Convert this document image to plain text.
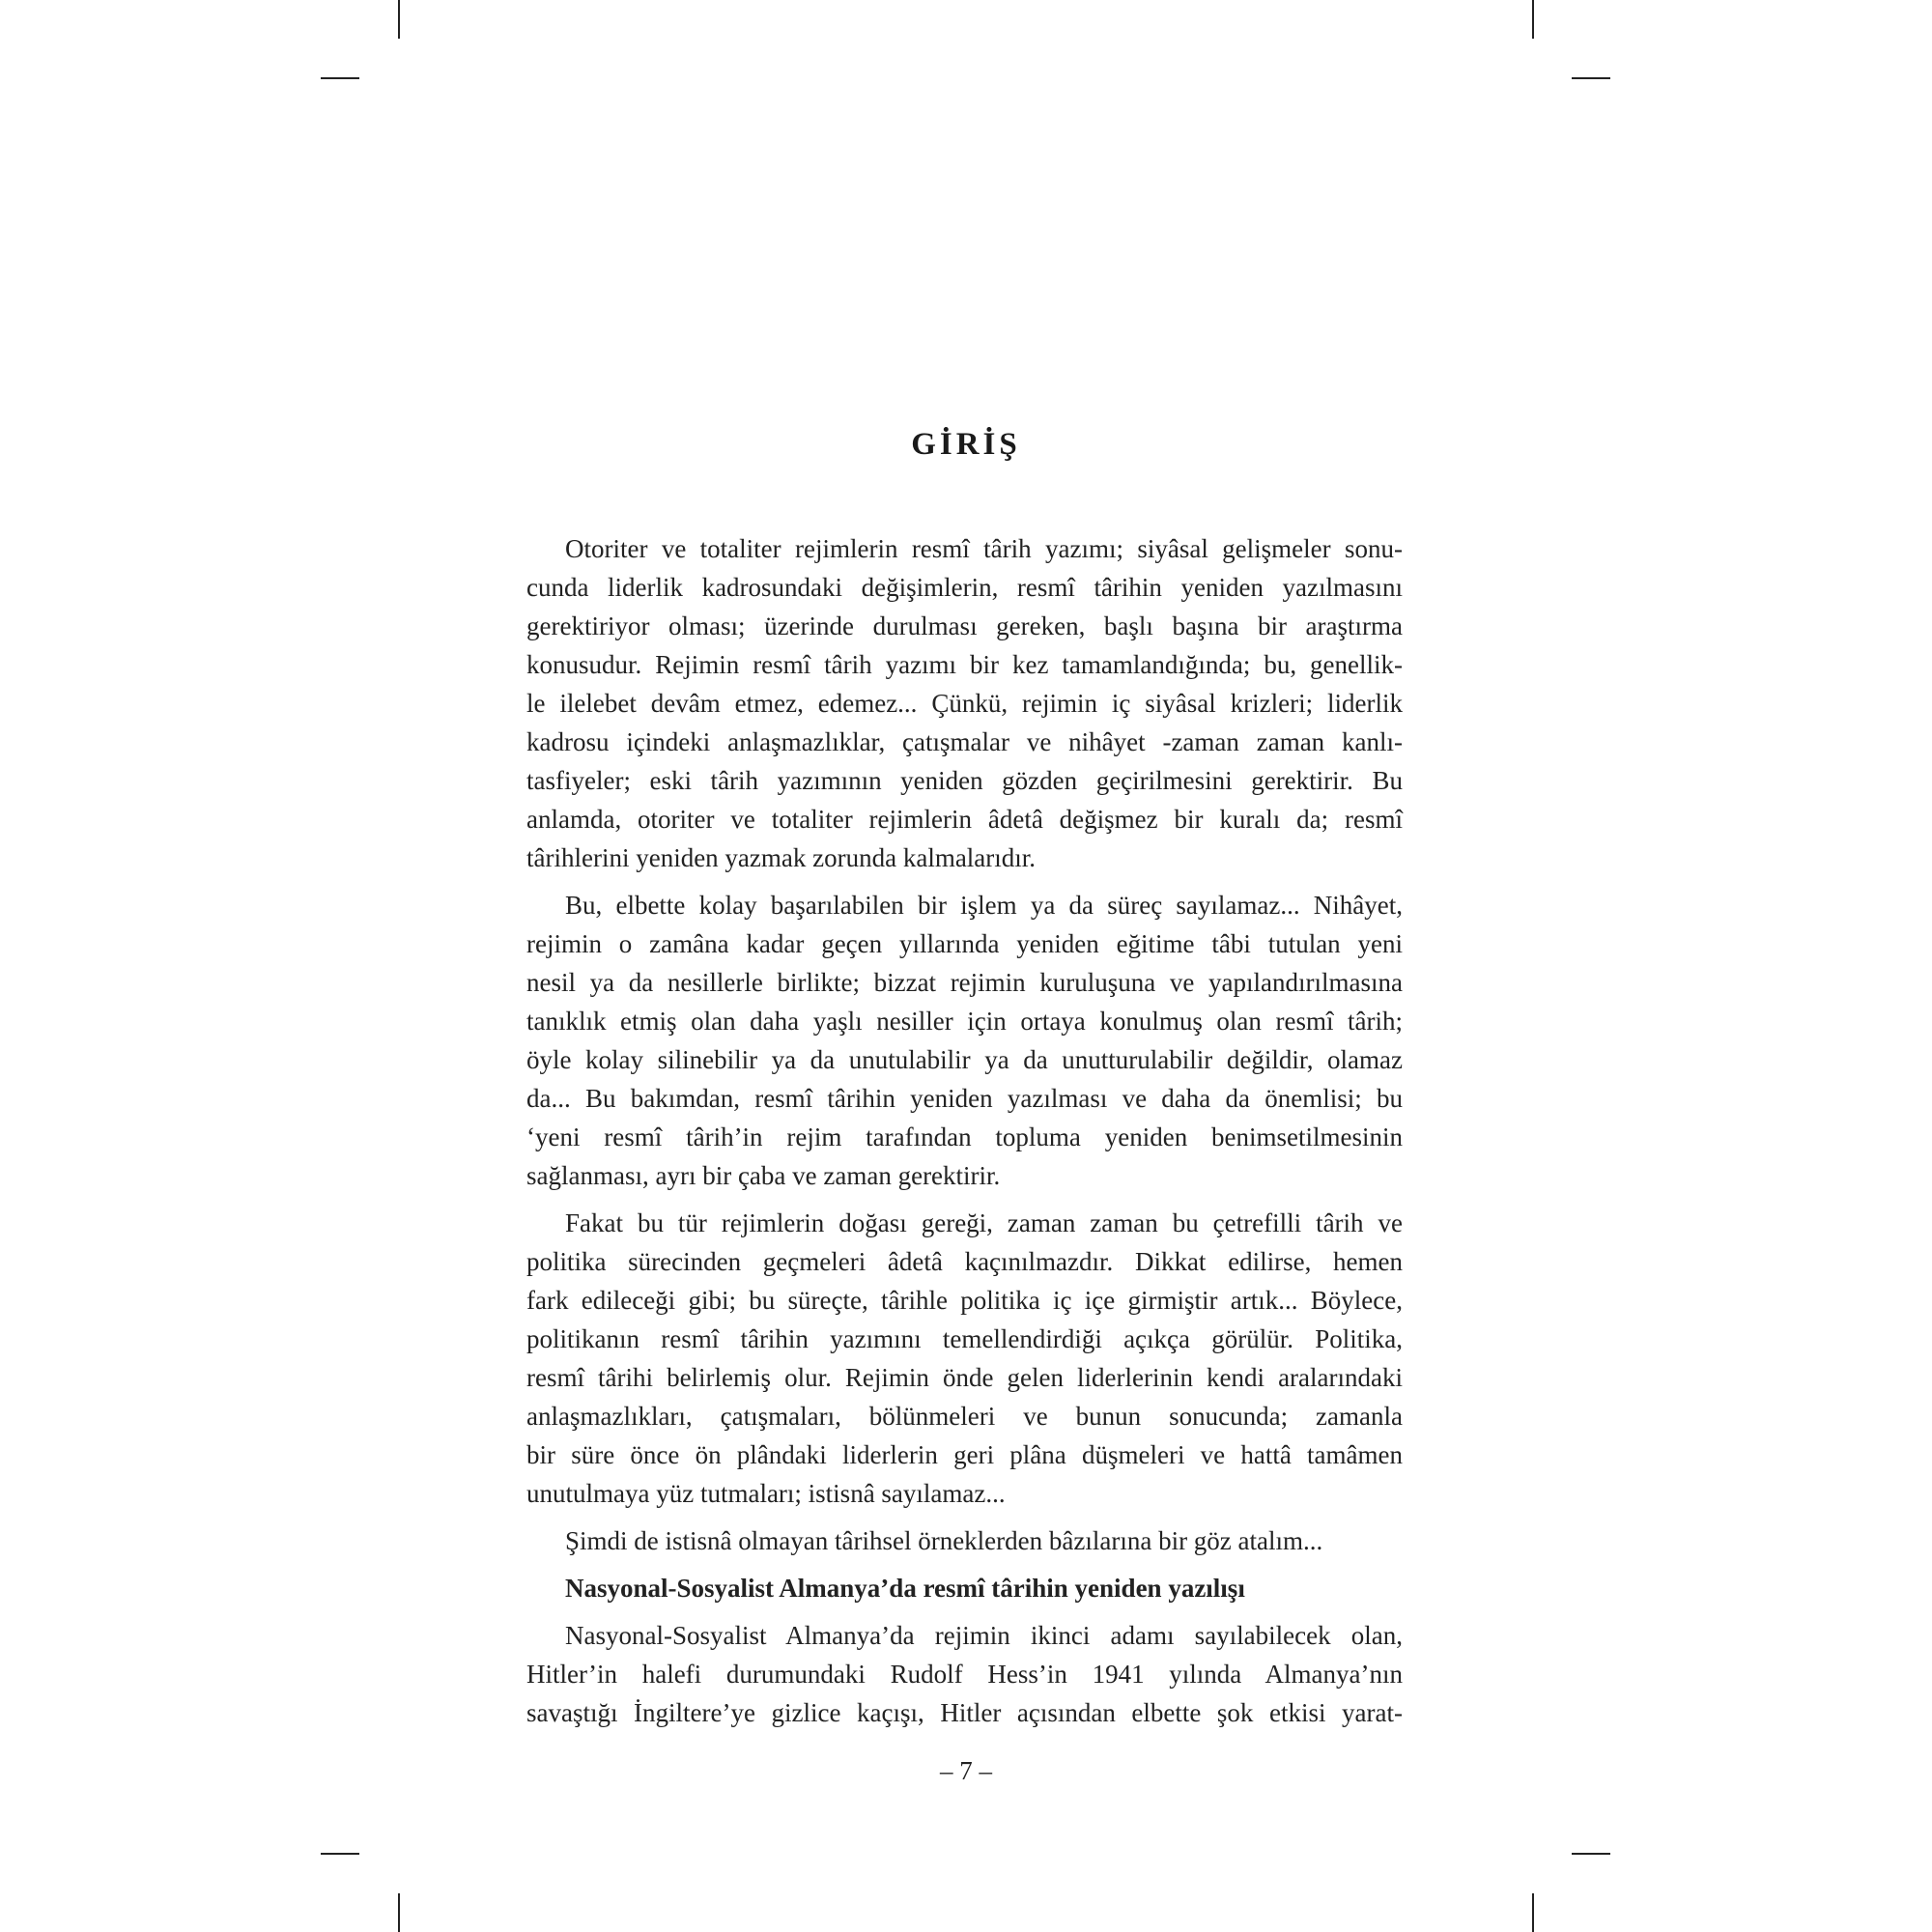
GİRİŞ
Otoriter ve totaliter rejimlerin resmî târih yazımı; siyâsal gelişmeler sonu-
cunda liderlik kadrosundaki değişimlerin, resmî târihin yeniden yazılmasını
gerektiriyor olması; üzerinde durulması gereken, başlı başına bir araştırma
konusudur. Rejimin resmî târih yazımı bir kez tamamlandığında; bu, genellik-
le ilelebet devâm etmez, edemez... Çünkü, rejimin iç siyâsal krizleri; liderlik
kadrosu içindeki anlaşmazlıklar, çatışmalar ve nihâyet -zaman zaman kanlı-
tasfiyeler; eski târih yazımının yeniden gözden geçirilmesini gerektirir. Bu
anlamda, otoriter ve totaliter rejimlerin âdetâ değişmez bir kuralı da; resmî
târihlerini yeniden yazmak zorunda kalmalarıdır.
Bu, elbette kolay başarılabilen bir işlem ya da süreç sayılamaz... Nihâyet,
rejimin o zamâna kadar geçen yıllarında yeniden eğitime tâbi tutulan yeni
nesil ya da nesillerle birlikte; bizzat rejimin kuruluşuna ve yapılandırılmasına
tanıklık etmiş olan daha yaşlı nesiller için ortaya konulmuş olan resmî târih;
öyle kolay silinebilir ya da unutulabilir ya da unutturulabilir değildir, olamaz
da... Bu bakımdan, resmî târihin yeniden yazılması ve daha da önemlisi; bu
‘yeni resmî târih’in rejim tarafından topluma yeniden benimsetilmesinin
sağlanması, ayrı bir çaba ve zaman gerektirir.
Fakat bu tür rejimlerin doğası gereği, zaman zaman bu çetrefilli târih ve
politika sürecinden geçmeleri âdetâ kaçınılmazdır. Dikkat edilirse, hemen
fark edileceği gibi; bu süreçte, târihle politika iç içe girmiştir artık... Böylece,
politikanın resmî târihin yazımını temellendirdiği açıkça görülür. Politika,
resmî târihi belirlemiş olur. Rejimin önde gelen liderlerinin kendi aralarındaki
anlaşmazlıkları, çatışmaları, bölünmeleri ve bunun sonucunda; zamanla
bir süre önce ön plândaki liderlerin geri plâna düşmeleri ve hattâ tamâmen
unutulmaya yüz tutmaları; istisnâ sayılamaz...
Şimdi de istisnâ olmayan târihsel örneklerden bâzılarına bir göz atalım...
Nasyonal-Sosyalist Almanya’da resmî târihin yeniden yazılışı
Nasyonal-Sosyalist Almanya’da rejimin ikinci adamı sayılabilecek olan,
Hitler’in halefi durumundaki Rudolf Hess’in 1941 yılında Almanya’nın
savaştığı İngiltere’ye gizlice kaçışı, Hitler açısından elbette şok etkisi yarat-
– 7 –
